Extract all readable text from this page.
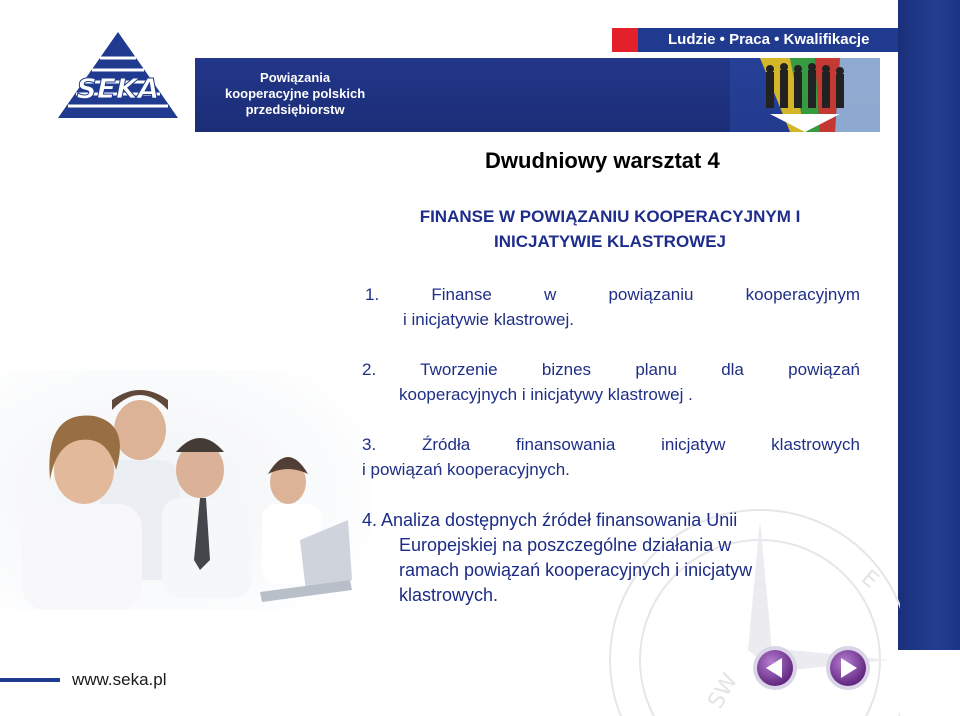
Ludzie • Praca • Kwalifikacje
SEKA	Powiązania
kooperacyjne polskich
przedsiębiorstw
E
SW
Dwudniowy warsztat 4
FINANSE W POWIĄZANIU KOOPERACYJNYM I
INICJATYWIE KLASTROWEJ
1. Finanse w powiązaniu kooperacyjnym
i inicjatywie klastrowej.
2. Tworzenie biznes planu dla powiązań
kooperacyjnych i inicjatywy klastrowej .
3. Źródła finansowania inicjatyw klastrowych
i powiązań kooperacyjnych.
4. Analiza dostępnych źródeł finansowania Unii
Europejskiej na poszczególne działania w
ramach powiązań kooperacyjnych i inicjatyw
klastrowych.
www.seka.pl
